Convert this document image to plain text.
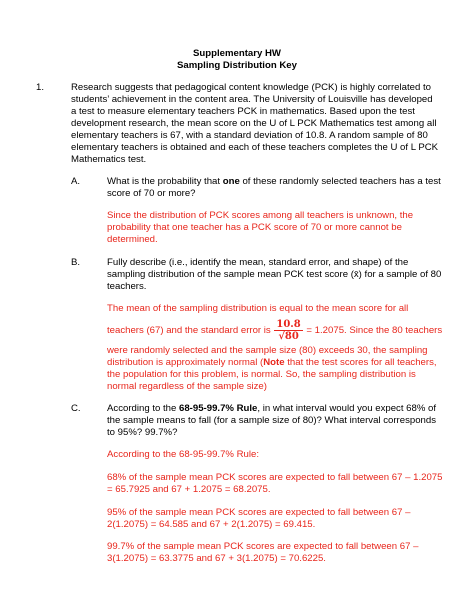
Supplementary HW
Sampling Distribution Key
1.	Research suggests that pedagogical content knowledge (PCK) is highly correlated to
students’ achievement in the content area. The University of Louisville has developed
a test to measure elementary teachers PCK in mathematics. Based upon the test
development research, the mean score on the U of L PCK Mathematics test among all
elementary teachers is 67, with a standard deviation of 10.8. A random sample of 80
elementary teachers is obtained and each of these teachers completes the U of L PCK
Mathematics test.
A.	What is the probability that one of these randomly selected teachers has a test
score of 70 or more?
Since the distribution of PCK scores among all teachers is unknown, the
probability that one teacher has a PCK score of 70 or more cannot be
determined.
B.	Fully describe (i.e., identify the mean, standard error, and shape) of the
sampling distribution of the sample mean PCK test score (x̄) for a sample of 80
teachers.
The mean of the sampling distribution is equal to the mean score for all
teachers (67) and the standard error is $\frac{10.8}{√80} = 1.2075$. Since the 80 teachers
were randomly selected and the sample size (80) exceeds 30, the sampling
distribution is approximately normal (Note that the test scores for all teachers,
the population for this problem, is normal. So, the sampling distribution is
normal regardless of the sample size)
C.	According to the 68-95-99.7% Rule, in what interval would you expect 68% of
the sample means to fall (for a sample size of 80)? What interval corresponds
to 95%? 99.7%?
According to the 68-95-99.7% Rule:
68% of the sample mean PCK scores are expected to fall between 67 – 1.2075
= 65.7925 and 67 + 1.2075 = 68.2075.
95% of the sample mean PCK scores are expected to fall between 67 –
2(1.2075) = 64.585 and 67 + 2(1.2075) = 69.415.
99.7% of the sample mean PCK scores are expected to fall between 67 –
3(1.2075) = 63.3775 and 67 + 3(1.2075) = 70.6225.
